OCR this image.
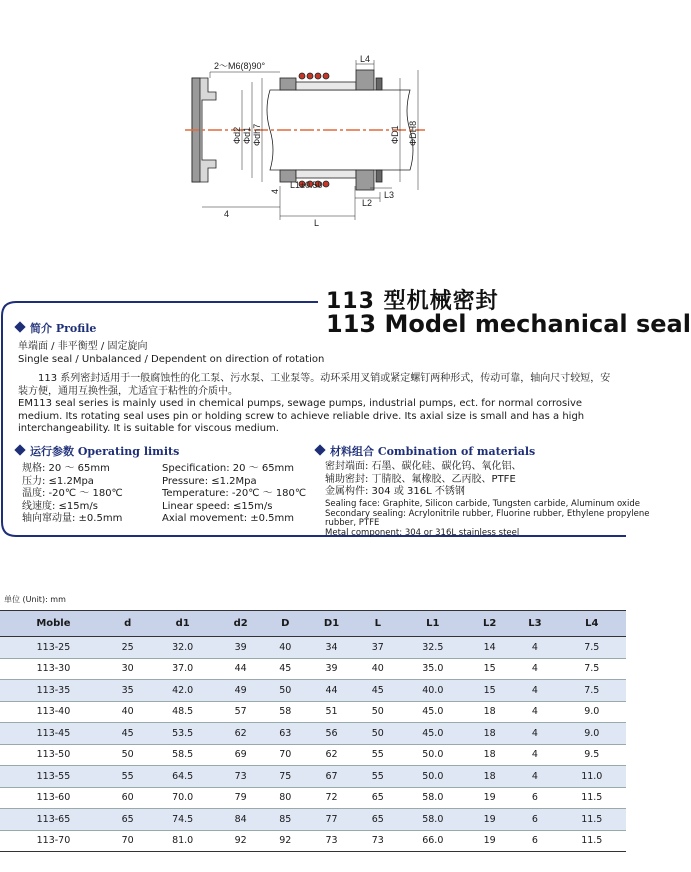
2～M6(8)90°
L4
Φd2 Φd1 Φdh7	ΦD1 ΦDH8
4
L1±0.50
L3
L2
4
L
113 型机械密封
113 Model mechanical seal
简介 Profile
单端面 / 非平衡型 / 固定旋向
Single seal / Unbalanced / Dependent on direction of rotation
113 系列密封适用于一般腐蚀性的化工泵、污水泵、工业泵等。动环采用叉销或紧定螺钉两种形式，传动可靠，轴向尺寸较短，安装方便，通用互换性强，尤适宜于粘性的介质中。
EM113 seal series is mainly used in chemical pumps, sewage pumps, industrial pumps, ect. for normal corrosive medium. Its rotating seal uses pin or holding screw to achieve reliable drive. Its axial size is small and has a high interchangeability. It is suitable for viscous medium.
运行参数 Operating limits
规格: 20 ～ 65mm
压力: ≤1.2Mpa
温度: -20℃ ～ 180℃
线速度: ≤15m/s
轴向窜动量: ±0.5mm
Specification: 20 ～ 65mm
Pressure: ≤1.2Mpa
Temperature: -20℃ ～ 180℃
Linear speed: ≤15m/s
Axial movement: ±0.5mm
材料组合 Combination of materials
密封端面: 石墨、碳化硅、碳化钨、氧化铝、
辅助密封: 丁腈胶、氟橡胶、乙丙胶、PTFE
金属构件: 304 或 316L 不锈钢
Sealing face: Graphite, Silicon carbide, Tungsten carbide, Aluminum oxide
Secondary sealing: Acrylonitrile rubber, Fluorine rubber, Ethylene propylene
rubber, PTFE
Metal component: 304 or 316L stainless steel
单位 (Unit): mm
Moble	d	d1	d2	D	D1	L	L1	L2	L3	L4
113-25	25	32.0	39	40	34	37	32.5	14	4	7.5
113-30	30	37.0	44	45	39	40	35.0	15	4	7.5
113-35	35	42.0	49	50	44	45	40.0	15	4	7.5
113-40	40	48.5	57	58	51	50	45.0	18	4	9.0
113-45	45	53.5	62	63	56	50	45.0	18	4	9.0
113-50	50	58.5	69	70	62	55	50.0	18	4	9.5
113-55	55	64.5	73	75	67	55	50.0	18	4	11.0
113-60	60	70.0	79	80	72	65	58.0	19	6	11.5
113-65	65	74.5	84	85	77	65	58.0	19	6	11.5
113-70	70	81.0	92	92	73	73	66.0	19	6	11.5
